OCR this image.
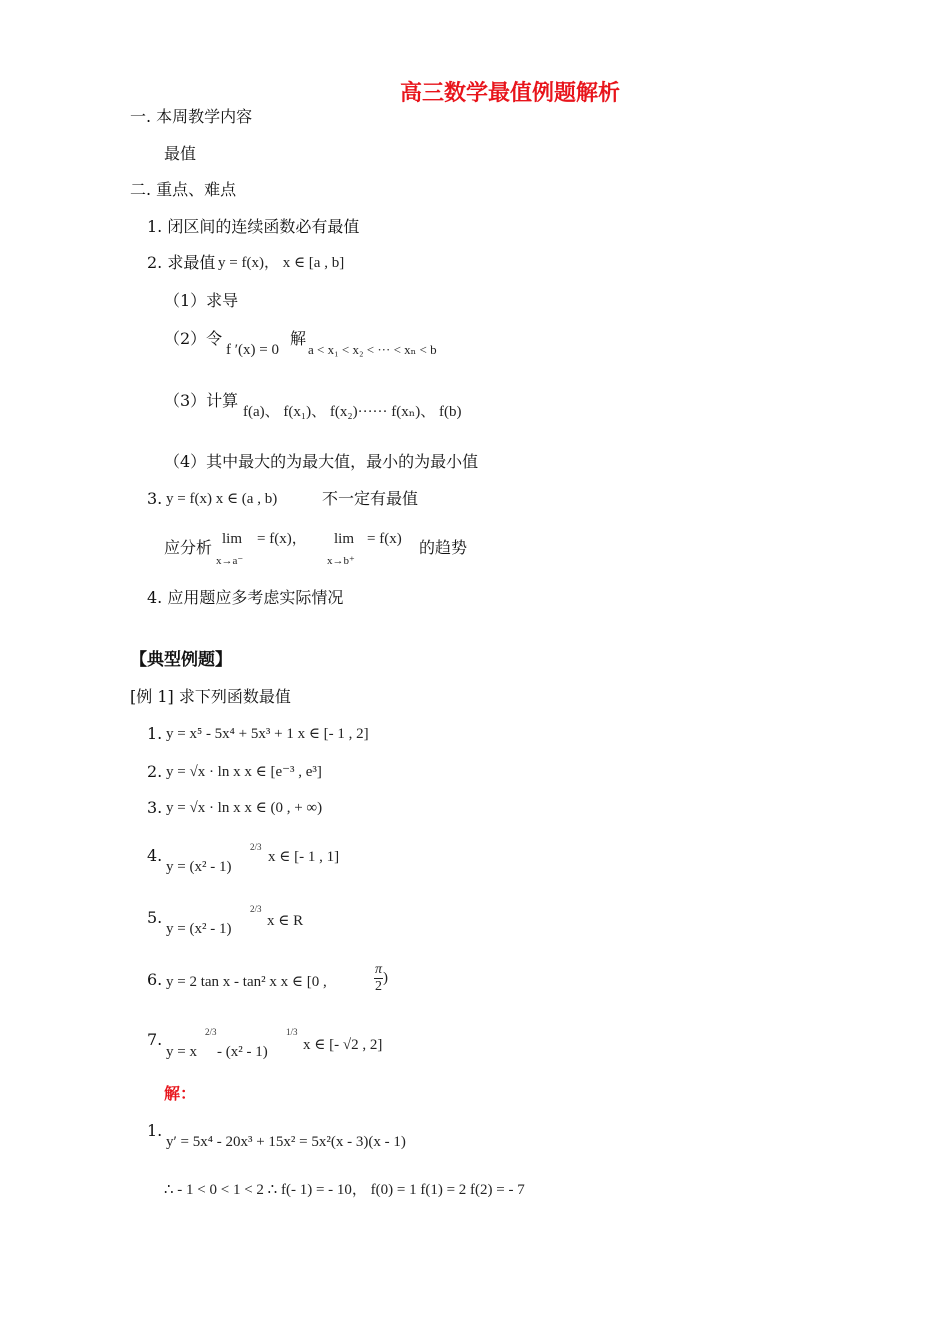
高三数学最值例题解析
一. 本周教学内容
最值
二. 重点、难点
1. 闭区间的连续函数必有最值
2. 求最值 y = f(x)， x ∈ [a , b]
（1）求导
（2）令
f ′(x) = 0
解
a < x₁ < x₂ < ··· < xₙ < b
（3）计算
f(a)、 f(x₁)、 f(x₂)······ f(xₙ)、 f(b)
（4）其中最大的为最大值，最小的为最小值
3. y = f(x) x ∈ (a , b)	不一定有最值
应分析 lim
x→a⁻
= f(x)， lim
x→b⁺
= f(x) 的趋势
4. 应用题应多考虑实际情况
【典型例题】
[例 1] 求下列函数最值
1. y = x⁵ - 5x⁴ + 5x³ + 1 x ∈ [- 1 , 2]
2. y = √x · ln x x ∈ [e⁻³ , e³]
3. y = √x · ln x x ∈ (0 , + ∞)
4.
y = (x² - 1)
2/3
x ∈ [- 1 , 1]
5.
y = (x² - 1)
2/3
x ∈ R
6. y = 2 tan x - tan² x x ∈ [0 ,	$\frac{\pi}{2}$ )
7.
y = x
2/3
- (x² - 1)
1/3
x ∈ [- √2 , 2]
解：
1.
y′ = 5x⁴ - 20x³ + 15x² = 5x²(x - 3)(x - 1)
∴ - 1 < 0 < 1 < 2 ∴ f(- 1) = - 10， f(0) = 1 f(1) = 2 f(2) = - 7
